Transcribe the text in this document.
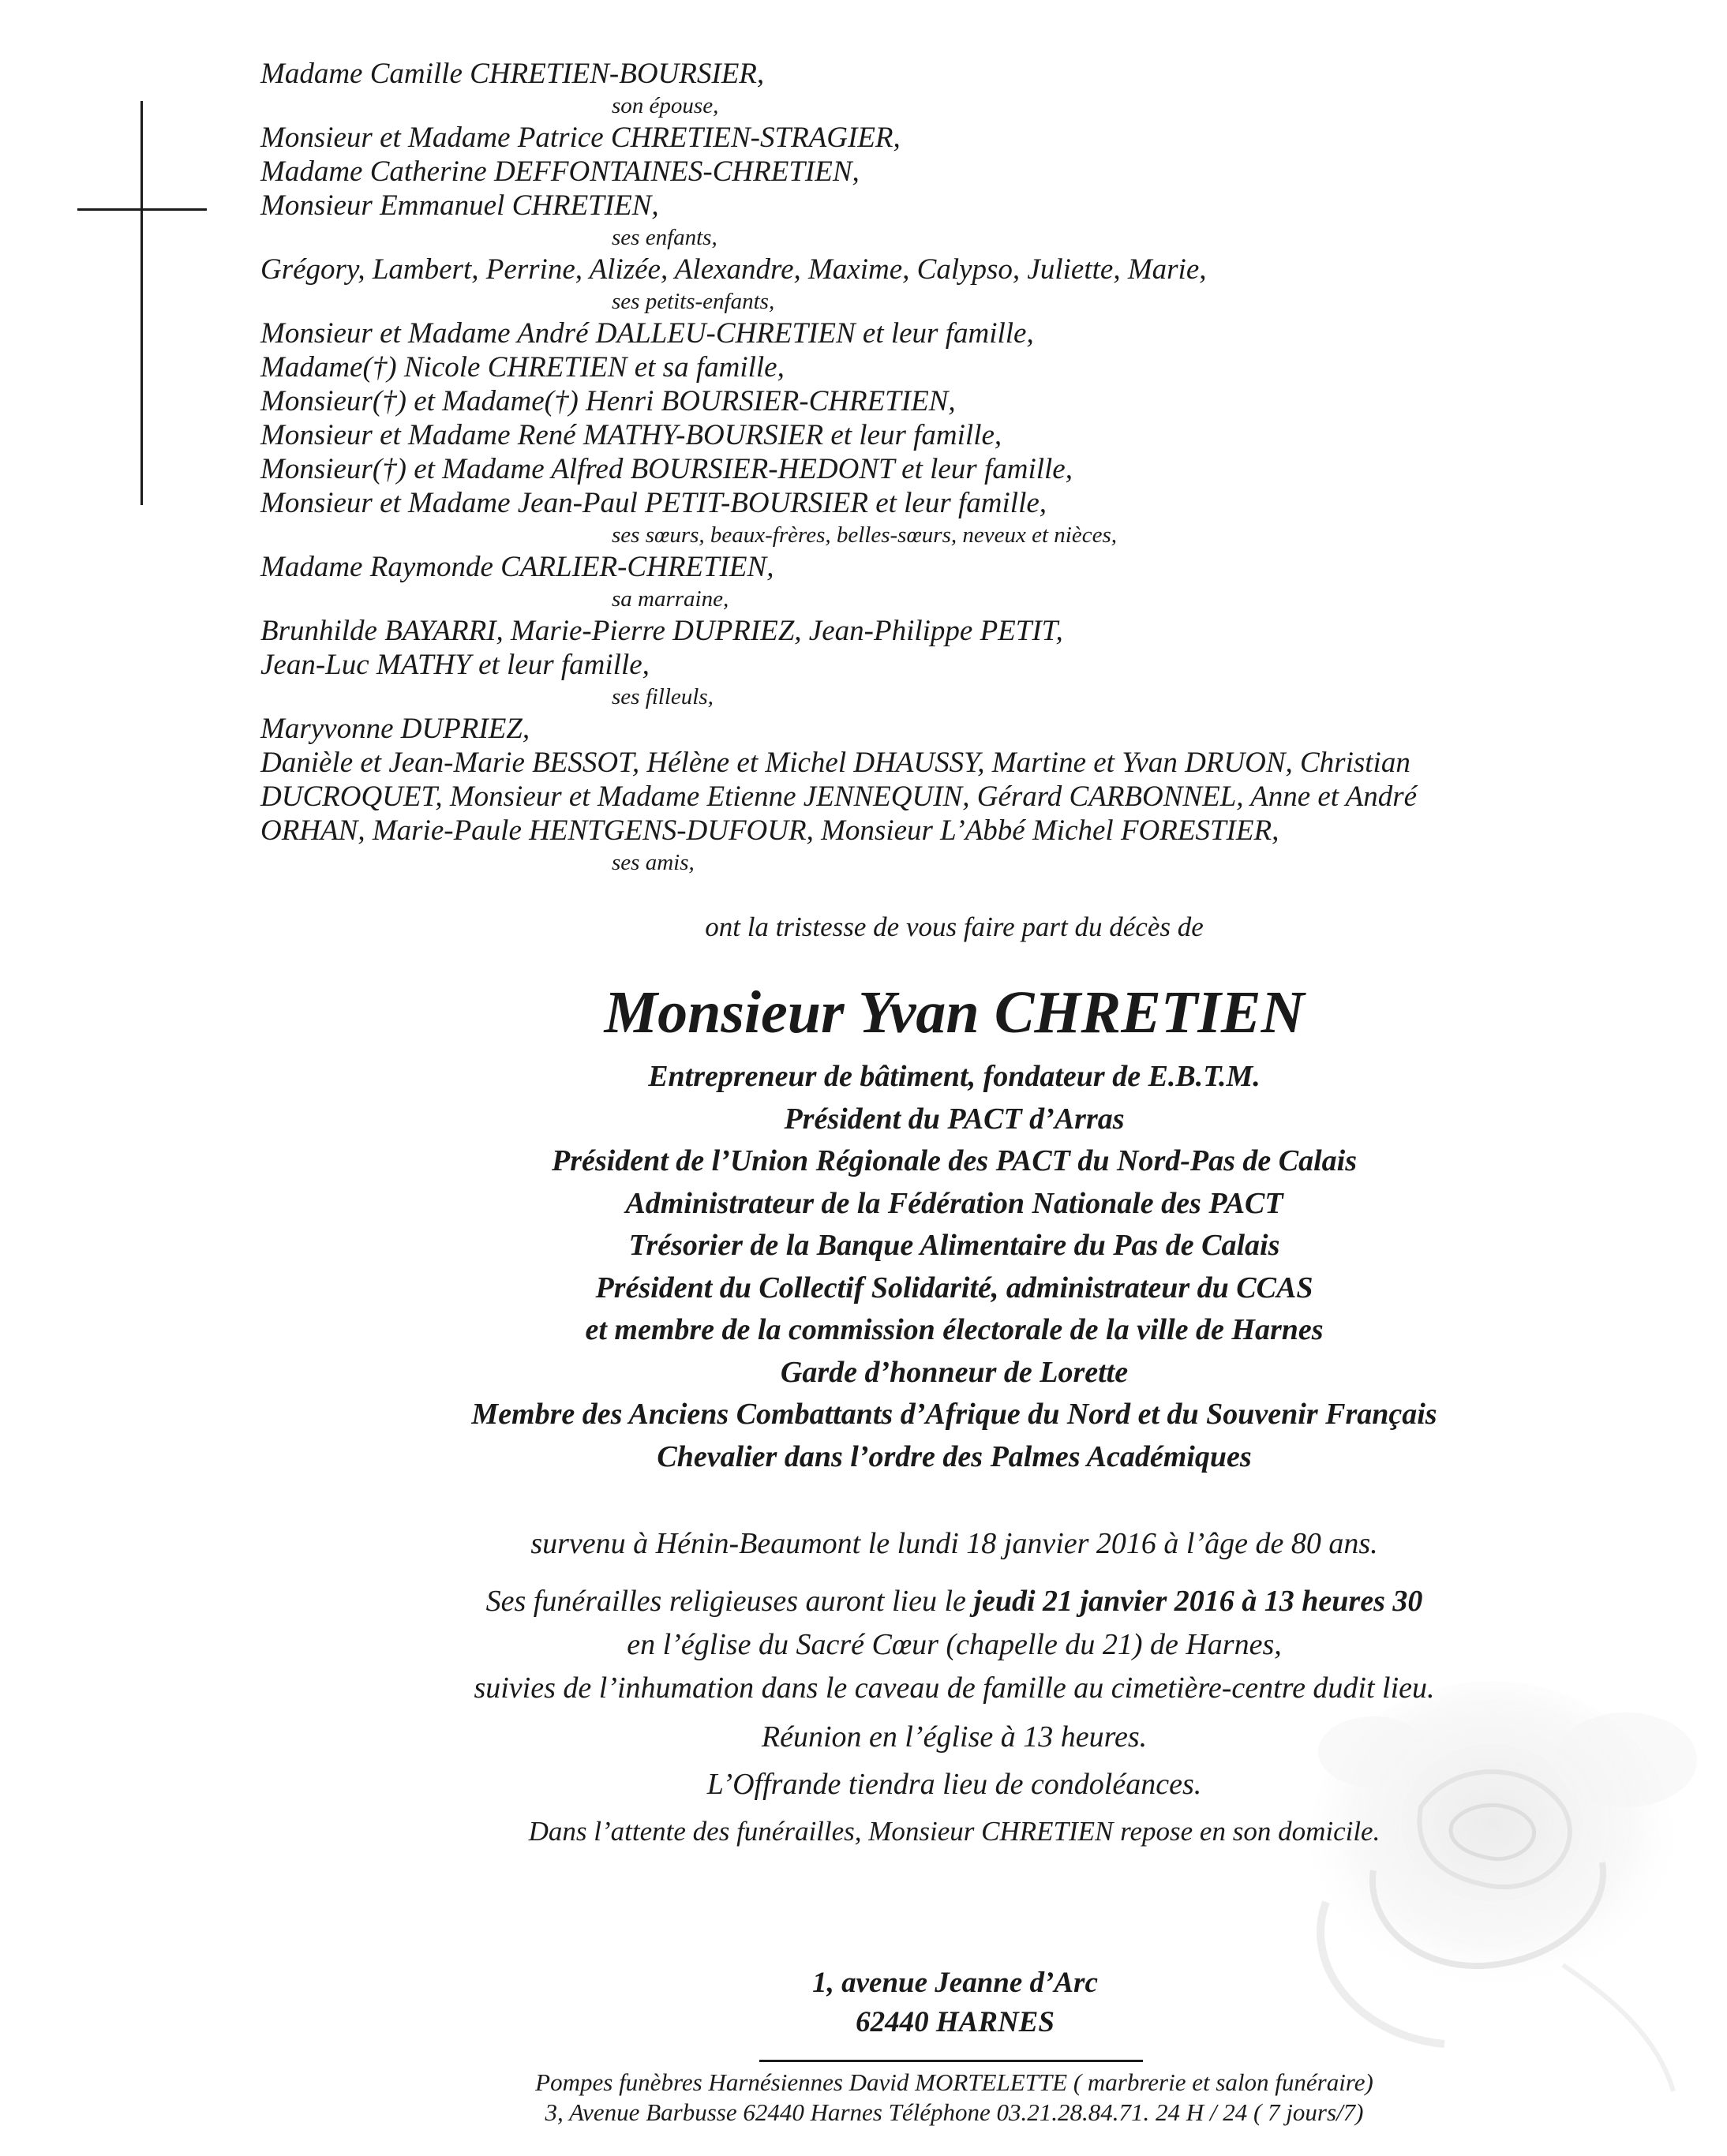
Madame Camille CHRETIEN-BOURSIER,
son épouse,
Monsieur et Madame Patrice CHRETIEN-STRAGIER,
Madame Catherine DEFFONTAINES-CHRETIEN,
Monsieur Emmanuel CHRETIEN,
ses enfants,
Grégory, Lambert, Perrine, Alizée, Alexandre, Maxime, Calypso, Juliette, Marie,
ses petits-enfants,
Monsieur et Madame André DALLEU-CHRETIEN et leur famille,
Madame(†) Nicole CHRETIEN et sa famille,
Monsieur(†) et Madame(†) Henri BOURSIER-CHRETIEN,
Monsieur et Madame René MATHY-BOURSIER et leur famille,
Monsieur(†) et Madame Alfred BOURSIER-HEDONT et leur famille,
Monsieur et Madame Jean-Paul PETIT-BOURSIER et leur famille,
ses sœurs, beaux-frères, belles-sœurs, neveux et nièces,
Madame Raymonde CARLIER-CHRETIEN,
sa marraine,
Brunhilde BAYARRI, Marie-Pierre DUPRIEZ, Jean-Philippe PETIT,
Jean-Luc MATHY et leur famille,
ses filleuls,
Maryvonne DUPRIEZ,
Danièle et Jean-Marie BESSOT, Hélène et Michel DHAUSSY, Martine et Yvan DRUON, Christian
DUCROQUET, Monsieur et Madame Etienne JENNEQUIN, Gérard CARBONNEL, Anne et André
ORHAN, Marie-Paule HENTGENS-DUFOUR, Monsieur L’Abbé Michel FORESTIER,
ses amis,
ont la tristesse de vous faire part du décès de
Monsieur Yvan CHRETIEN
Entrepreneur de bâtiment, fondateur de E.B.T.M.
Président du PACT d’Arras
Président de l’Union Régionale des PACT du Nord-Pas de Calais
Administrateur de la Fédération Nationale des PACT
Trésorier de la Banque Alimentaire du Pas de Calais
Président du Collectif Solidarité, administrateur du CCAS
et membre de la commission électorale de la ville de Harnes
Garde d’honneur de Lorette
Membre des Anciens Combattants d’Afrique du Nord et du Souvenir Français
Chevalier dans l’ordre des Palmes Académiques
survenu à Hénin-Beaumont le lundi 18 janvier 2016 à l’âge de 80 ans.
Ses funérailles religieuses auront lieu le jeudi 21 janvier 2016 à 13 heures 30
en l’église du Sacré Cœur (chapelle du 21) de Harnes,
suivies de l’inhumation dans le caveau de famille au cimetière-centre dudit lieu.
Réunion en l’église à 13 heures.
L’Offrande tiendra lieu de condoléances.
Dans l’attente des funérailles, Monsieur CHRETIEN repose en son domicile.
1, avenue Jeanne d’Arc
62440 HARNES
Pompes funèbres Harnésiennes David MORTELETTE ( marbrerie et salon funéraire)
3, Avenue Barbusse 62440 Harnes Téléphone 03.21.28.84.71. 24 H / 24 ( 7 jours/7)
